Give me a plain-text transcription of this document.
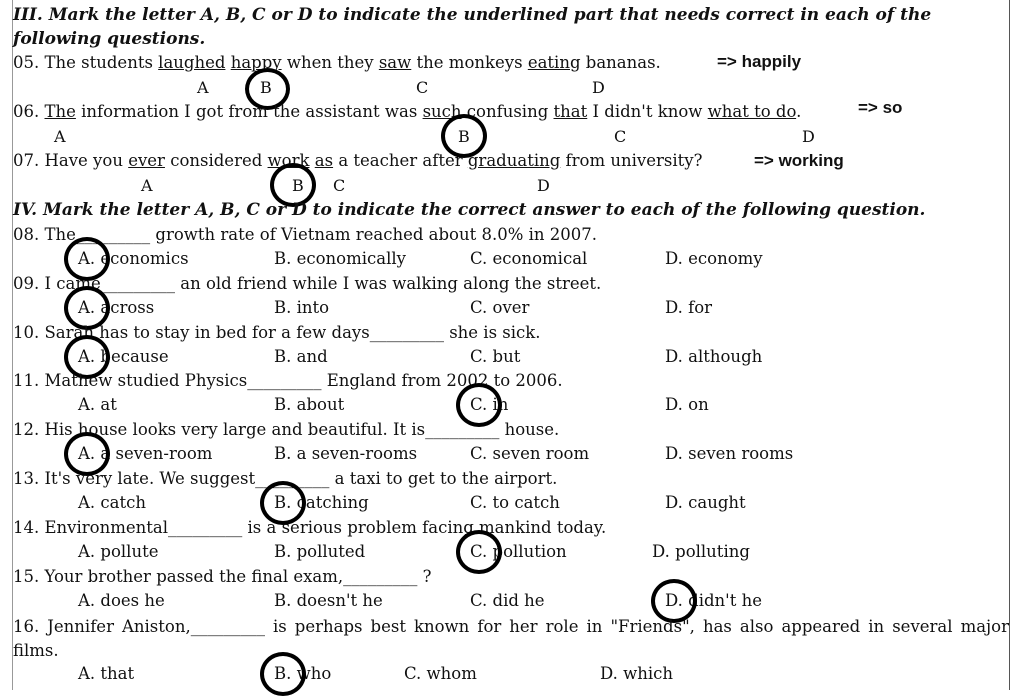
III. Mark the letter A, B, C or D to indicate the underlined part that needs correct in each of the following questions.
05. The students laughed happy when they saw the monkeys eating bananas.	=> happily
A	B	C	D
06. The information I got from the assistant was such confusing that I didn't know what to do.	=> so
A	B	C	D
07. Have you ever considered work as a teacher after graduating from university?	=> working
A	B C	D
IV. Mark the letter A, B, C or D to indicate the correct answer to each of the following question.
08. The_________ growth rate of Vietnam reached about 8.0% in 2007.
A. economics	B. economically	C. economical	D. economy
09. I came_________ an old friend while I was walking along the street.
A. across	B. into	C. over	D. for
10. Sarah has to stay in bed for a few days_________ she is sick.
A. because	B. and	C. but	D. although
11. Mathew studied Physics_________ England from 2002 to 2006.
A. at	B. about	C. in	D. on
12. His house looks very large and beautiful. It is_________ house.
A. a seven-room	B. a seven-rooms	C. seven room	D. seven rooms
13. It's very late. We suggest_________ a taxi to get to the airport.
A. catch	B. catching	C. to catch	D. caught
14. Environmental_________ is a serious problem facing mankind today.
A. pollute	B. polluted	C. pollution	D. polluting
15. Your brother passed the final exam,_________ ?
A. does he	B. doesn't he	C. did he	D. didn't he
16. Jennifer Aniston,_________ is perhaps best known for her role in "Friends", has also appeared in several major films.
A. that	B. who	C. whom	D. which
